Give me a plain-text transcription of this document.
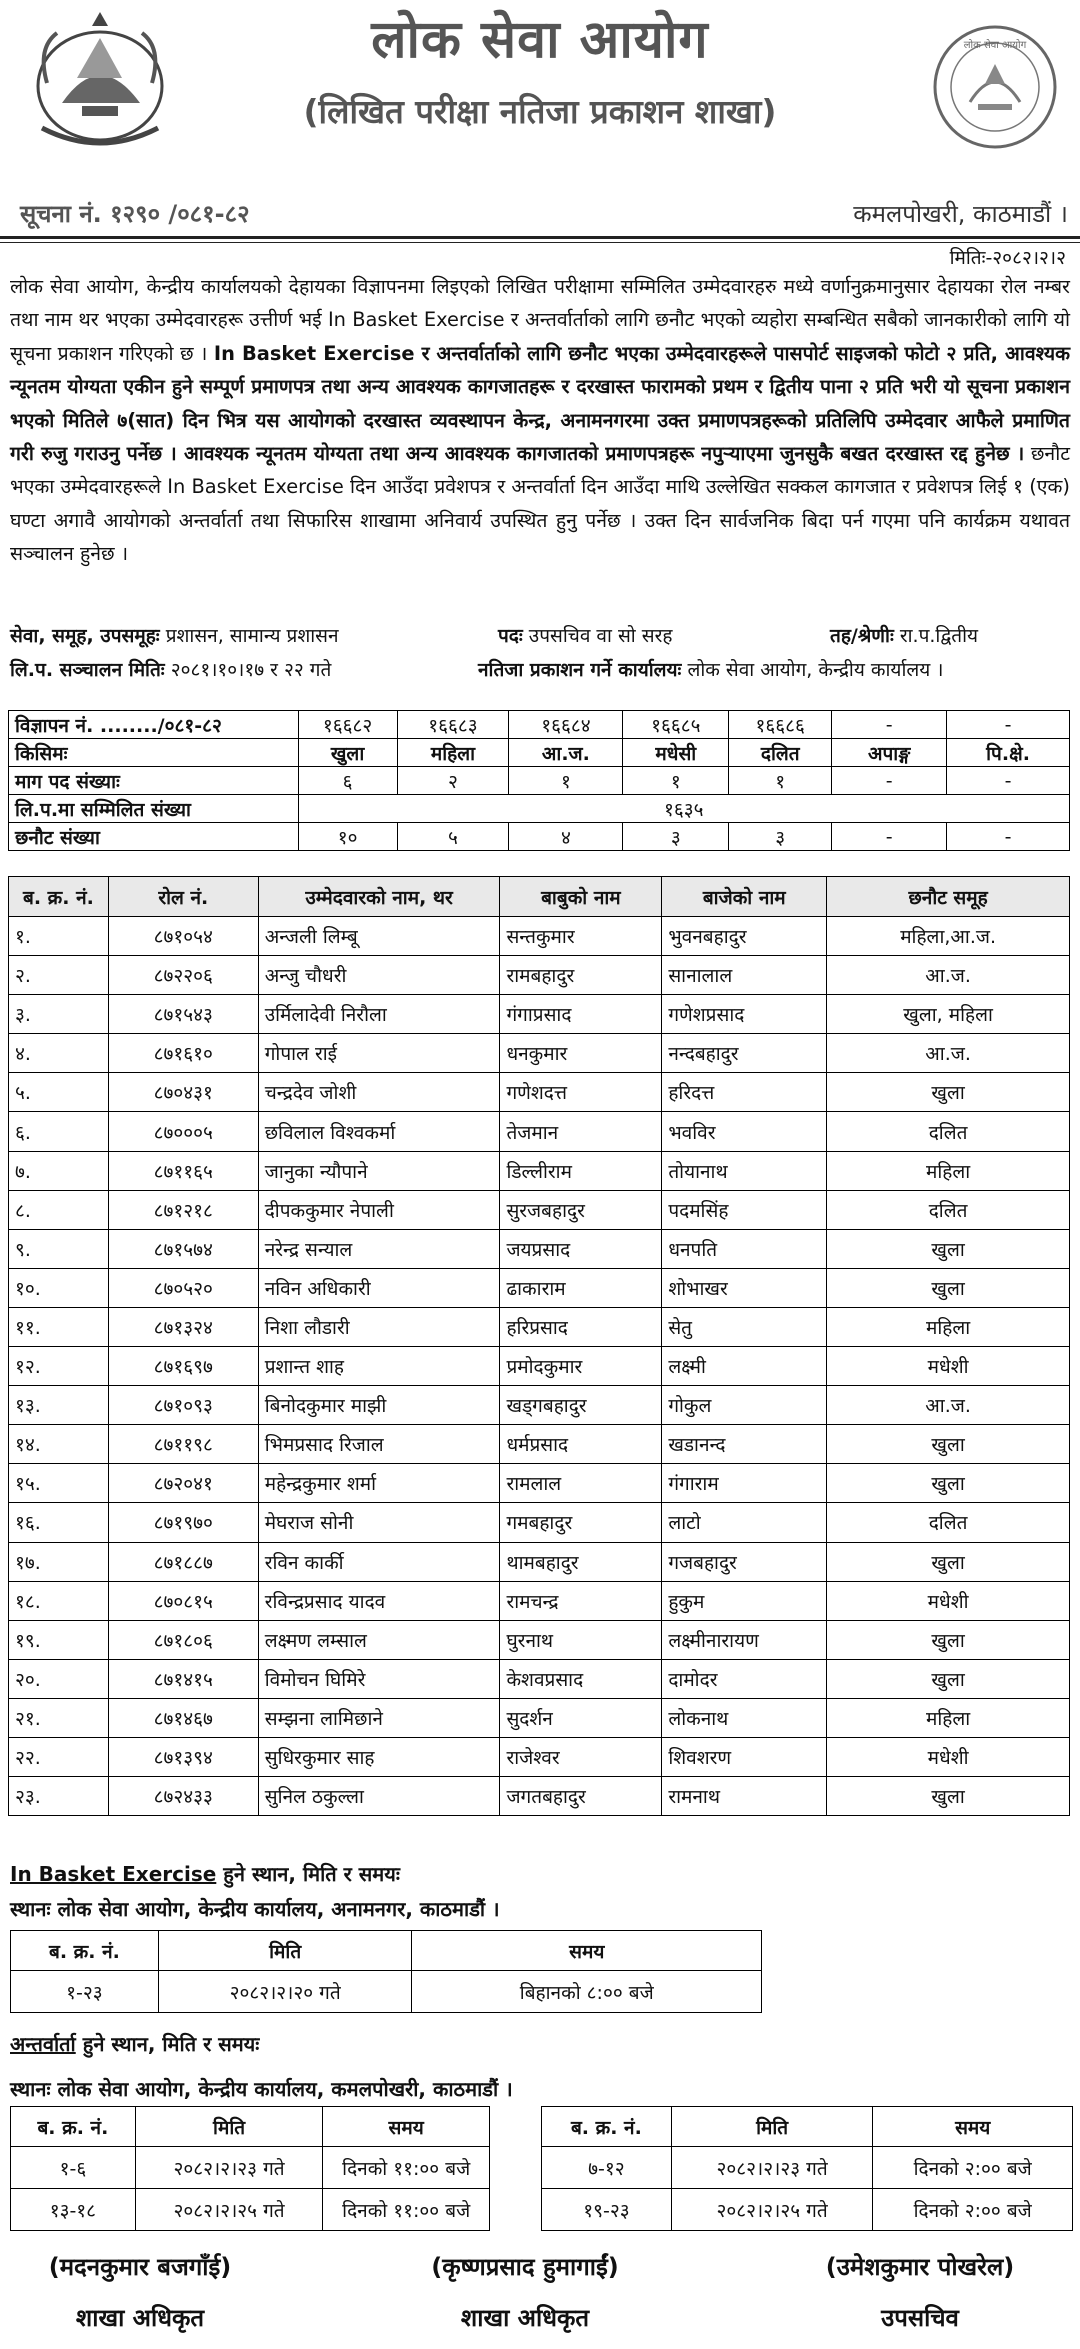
लोक सेवा आयोग
(लिखित परीक्षा नतिजा प्रकाशन शाखा)
लोक सेवा आयोग
सूचना नं. १२९० /०८१-८२	कमलपोखरी, काठमाडौं ।
मितिः-२०८२।२।२
लोक सेवा आयोग, केन्द्रीय कार्यालयको देहायका विज्ञापनमा लिइएको लिखित परीक्षामा सम्मिलित उम्मेदवारहरु मध्ये वर्णानुक्रमानुसार देहायका रोल नम्बर तथा नाम थर भएका उम्मेदवारहरू उत्तीर्ण भई In Basket Exercise र अन्तर्वार्ताको लागि छनौट भएको व्यहोरा सम्बन्धित सबैको जानकारीको लागि यो सूचना प्रकाशन गरिएको छ । In Basket Exercise र अन्तर्वार्ताको लागि छनौट भएका उम्मेदवारहरूले पासपोर्ट साइजको फोटो २ प्रति, आवश्यक न्यूनतम योग्यता एकीन हुने सम्पूर्ण प्रमाणपत्र तथा अन्य आवश्यक कागजातहरू र दरखास्त फारामको प्रथम र द्वितीय पाना २ प्रति भरी यो सूचना प्रकाशन भएको मितिले ७(सात) दिन भित्र यस आयोगको दरखास्त व्यवस्थापन केन्द्र, अनामनगरमा उक्त प्रमाणपत्रहरूको प्रतिलिपि उम्मेदवार आफैले प्रमाणित गरी रुजु गराउनु पर्नेछ । आवश्यक न्यूनतम योग्यता तथा अन्य आवश्यक कागजातको प्रमाणपत्रहरू नपुऱ्याएमा जुनसुकै बखत दरखास्त रद्द हुनेछ । छनौट भएका उम्मेदवारहरूले In Basket Exercise दिन आउँदा प्रवेशपत्र र अन्तर्वार्ता दिन आउँदा माथि उल्लेखित सक्कल कागजात र प्रवेशपत्र लिई १ (एक) घण्टा अगावै आयोगको अन्तर्वार्ता तथा सिफारिस शाखामा अनिवार्य उपस्थित हुनु पर्नेछ । उक्त दिन सार्वजनिक बिदा पर्न गएमा पनि कार्यक्रम यथावत सञ्चालन हुनेछ ।
सेवा, समूह, उपसमूहः प्रशासन, सामान्य प्रशासन	पदः उपसचिव वा सो सरह	तह/श्रेणीः रा.प.द्वितीय
लि.प. सञ्चालन मितिः २०८१।१०।१७ र २२ गते	नतिजा प्रकाशन गर्ने कार्यालयः लोक सेवा आयोग, केन्द्रीय कार्यालय ।
विज्ञापन नं. ......../०८१-८२	१६६८२	१६६८३	१६६८४	१६६८५	१६६८६	-	-
किसिमः	खुला	महिला	आ.ज.	मधेसी	दलित	अपाङ्ग	पि.क्षे.
माग पद संख्याः	६	२	१	१	१	-	-
लि.प.मा सम्मिलित संख्या	१६३५						
छनौट संख्या	१०	५	४	३	३	-	-
ब. क्र. नं.	रोल नं.	उम्मेदवारको नाम, थर	बाबुको नाम	बाजेको नाम	छनौट समूह
१.	८७१०५४	अन्जली लिम्बू	सन्तकुमार	भुवनबहादुर	महिला,आ.ज.
२.	८७२२०६	अन्जु चौधरी	रामबहादुर	सानालाल	आ.ज.
३.	८७१५४३	उर्मिलादेवी निरौला	गंगाप्रसाद	गणेशप्रसाद	खुला, महिला
४.	८७१६१०	गोपाल राई	धनकुमार	नन्दबहादुर	आ.ज.
५.	८७०४३१	चन्द्रदेव जोशी	गणेशदत्त	हरिदत्त	खुला
६.	८७०००५	छविलाल विश्वकर्मा	तेजमान	भवविर	दलित
७.	८७११६५	जानुका न्यौपाने	डिल्लीराम	तोयानाथ	महिला
८.	८७१२१८	दीपककुमार नेपाली	सुरजबहादुर	पदमसिंह	दलित
९.	८७१५७४	नरेन्द्र सन्याल	जयप्रसाद	धनपति	खुला
१०.	८७०५२०	नविन अधिकारी	ढाकाराम	शोभाखर	खुला
११.	८७१३२४	निशा लौडारी	हरिप्रसाद	सेतु	महिला
१२.	८७१६९७	प्रशान्त शाह	प्रमोदकुमार	लक्ष्मी	मधेशी
१३.	८७१०९३	बिनोदकुमार माझी	खड्गबहादुर	गोकुल	आ.ज.
१४.	८७११९८	भिमप्रसाद रिजाल	धर्मप्रसाद	खडानन्द	खुला
१५.	८७२०४१	महेन्द्रकुमार शर्मा	रामलाल	गंगाराम	खुला
१६.	८७१९७०	मेघराज सोनी	गमबहादुर	लाटो	दलित
१७.	८७१८८७	रविन कार्की	थामबहादुर	गजबहादुर	खुला
१८.	८७०८१५	रविन्द्रप्रसाद यादव	रामचन्द्र	हुकुम	मधेशी
१९.	८७१८०६	लक्ष्मण लम्साल	घुरनाथ	लक्ष्मीनारायण	खुला
२०.	८७१४१५	विमोचन घिमिरे	केशवप्रसाद	दामोदर	खुला
२१.	८७१४६७	सम्झना लामिछाने	सुदर्शन	लोकनाथ	महिला
२२.	८७१३९४	सुधिरकुमार साह	राजेश्वर	शिवशरण	मधेशी
२३.	८७२४३३	सुनिल ठकुल्ला	जगतबहादुर	रामनाथ	खुला
In Basket Exercise हुने स्थान, मिति र समयः
स्थानः लोक सेवा आयोग, केन्द्रीय कार्यालय, अनामनगर, काठमाडौं ।
ब. क्र. नं.	मिति	समय
१-२३	२०८२।२।२० गते	बिहानको ८:०० बजे
अन्तर्वार्ता हुने स्थान, मिति र समयः
स्थानः लोक सेवा आयोग, केन्द्रीय कार्यालय, कमलपोखरी, काठमाडौं ।
ब. क्र. नं.	मिति	समय
१-६	२०८२।२।२३ गते	दिनको ११:०० बजे
१३-१८	२०८२।२।२५ गते	दिनको ११:०० बजे
ब. क्र. नं.	मिति	समय
७-१२	२०८२।२।२३ गते	दिनको २:०० बजे
१९-२३	२०८२।२।२५ गते	दिनको २:०० बजे
(मदनकुमार बजगाँई)
शाखा अधिकृत
(कृष्णप्रसाद हुमागाईं)
शाखा अधिकृत
(उमेशकुमार पोखरेल)
उपसचिव
